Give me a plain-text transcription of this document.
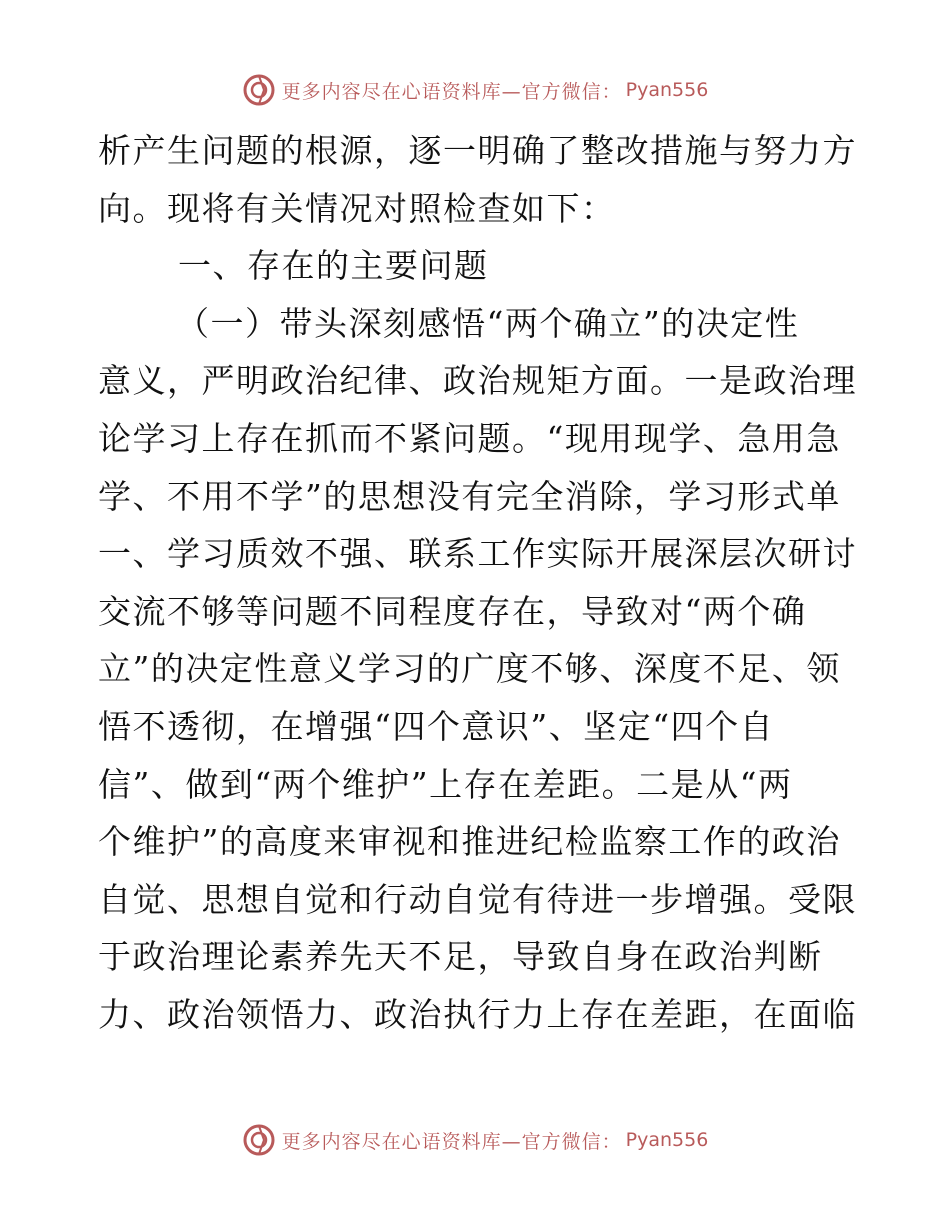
更多内容尽在心语资料库—官方微信： Pyan556
析产生问题的根源，逐一明确了整改措施与努力方
向。现将有关情况对照检查如下：
一、存在的主要问题
（一）带头深刻感悟“两个确立”的决定性
意义，严明政治纪律、政治规矩方面。一是政治理
论学习上存在抓而不紧问题。“现用现学、急用急
学、不用不学”的思想没有完全消除，学习形式单
一、学习质效不强、联系工作实际开展深层次研讨
交流不够等问题不同程度存在，导致对“两个确
立”的决定性意义学习的广度不够、深度不足、领
悟不透彻，在增强“四个意识”、坚定“四个自
信”、做到“两个维护”上存在差距。二是从“两
个维护”的高度来审视和推进纪检监察工作的政治
自觉、思想自觉和行动自觉有待进一步增强。受限
于政治理论素养先天不足，导致自身在政治判断
力、政治领悟力、政治执行力上存在差距，在面临
更多内容尽在心语资料库—官方微信： Pyan556
